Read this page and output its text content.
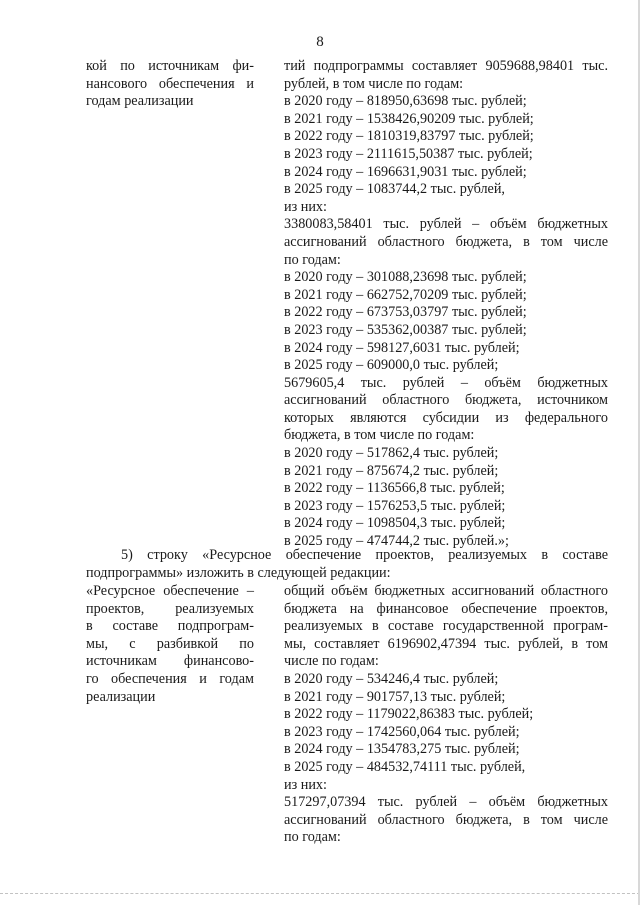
8
кой по источникам фи-
нансового обеспечения и
годам реализации
тий подпрограммы составляет 9059688,98401 тыс.
рублей, в том числе по годам:
в 2020 году – 818950,63698 тыс. рублей;
в 2021 году – 1538426,90209 тыс. рублей;
в 2022 году – 1810319,83797 тыс. рублей;
в 2023 году – 2111615,50387 тыс. рублей;
в 2024 году – 1696631,9031 тыс. рублей;
в 2025 году – 1083744,2 тыс. рублей,
из них:
3380083,58401 тыс. рублей – объём бюджетных
ассигнований областного бюджета, в том числе
по годам:
в 2020 году – 301088,23698 тыс. рублей;
в 2021 году – 662752,70209 тыс. рублей;
в 2022 году – 673753,03797 тыс. рублей;
в 2023 году – 535362,00387 тыс. рублей;
в 2024 году – 598127,6031 тыс. рублей;
в 2025 году – 609000,0 тыс. рублей;
5679605,4 тыс. рублей – объём бюджетных
ассигнований областного бюджета, источником
которых являются субсидии из федерального
бюджета, в том числе по годам:
в 2020 году – 517862,4 тыс. рублей;
в 2021 году – 875674,2 тыс. рублей;
в 2022 году – 1136566,8 тыс. рублей;
в 2023 году – 1576253,5 тыс. рублей;
в 2024 году – 1098504,3 тыс. рублей;
в 2025 году – 474744,2 тыс. рублей.»;
5) строку «Ресурсное обеспечение проектов, реализуемых в составе
подпрограммы» изложить в следующей редакции:
«Ресурсное обеспечение –
проектов, реализуемых
в составе подпрограм-
мы, с разбивкой по
источникам финансово-
го обеспечения и годам
реализации
общий объём бюджетных ассигнований областного
бюджета на финансовое обеспечение проектов,
реализуемых в составе государственной програм-
мы, составляет 6196902,47394 тыс. рублей, в том
числе по годам:
в 2020 году – 534246,4 тыс. рублей;
в 2021 году – 901757,13 тыс. рублей;
в 2022 году – 1179022,86383 тыс. рублей;
в 2023 году – 1742560,064 тыс. рублей;
в 2024 году – 1354783,275 тыс. рублей;
в 2025 году – 484532,74111 тыс. рублей,
из них:
517297,07394 тыс. рублей – объём бюджетных
ассигнований областного бюджета, в том числе
по годам:
